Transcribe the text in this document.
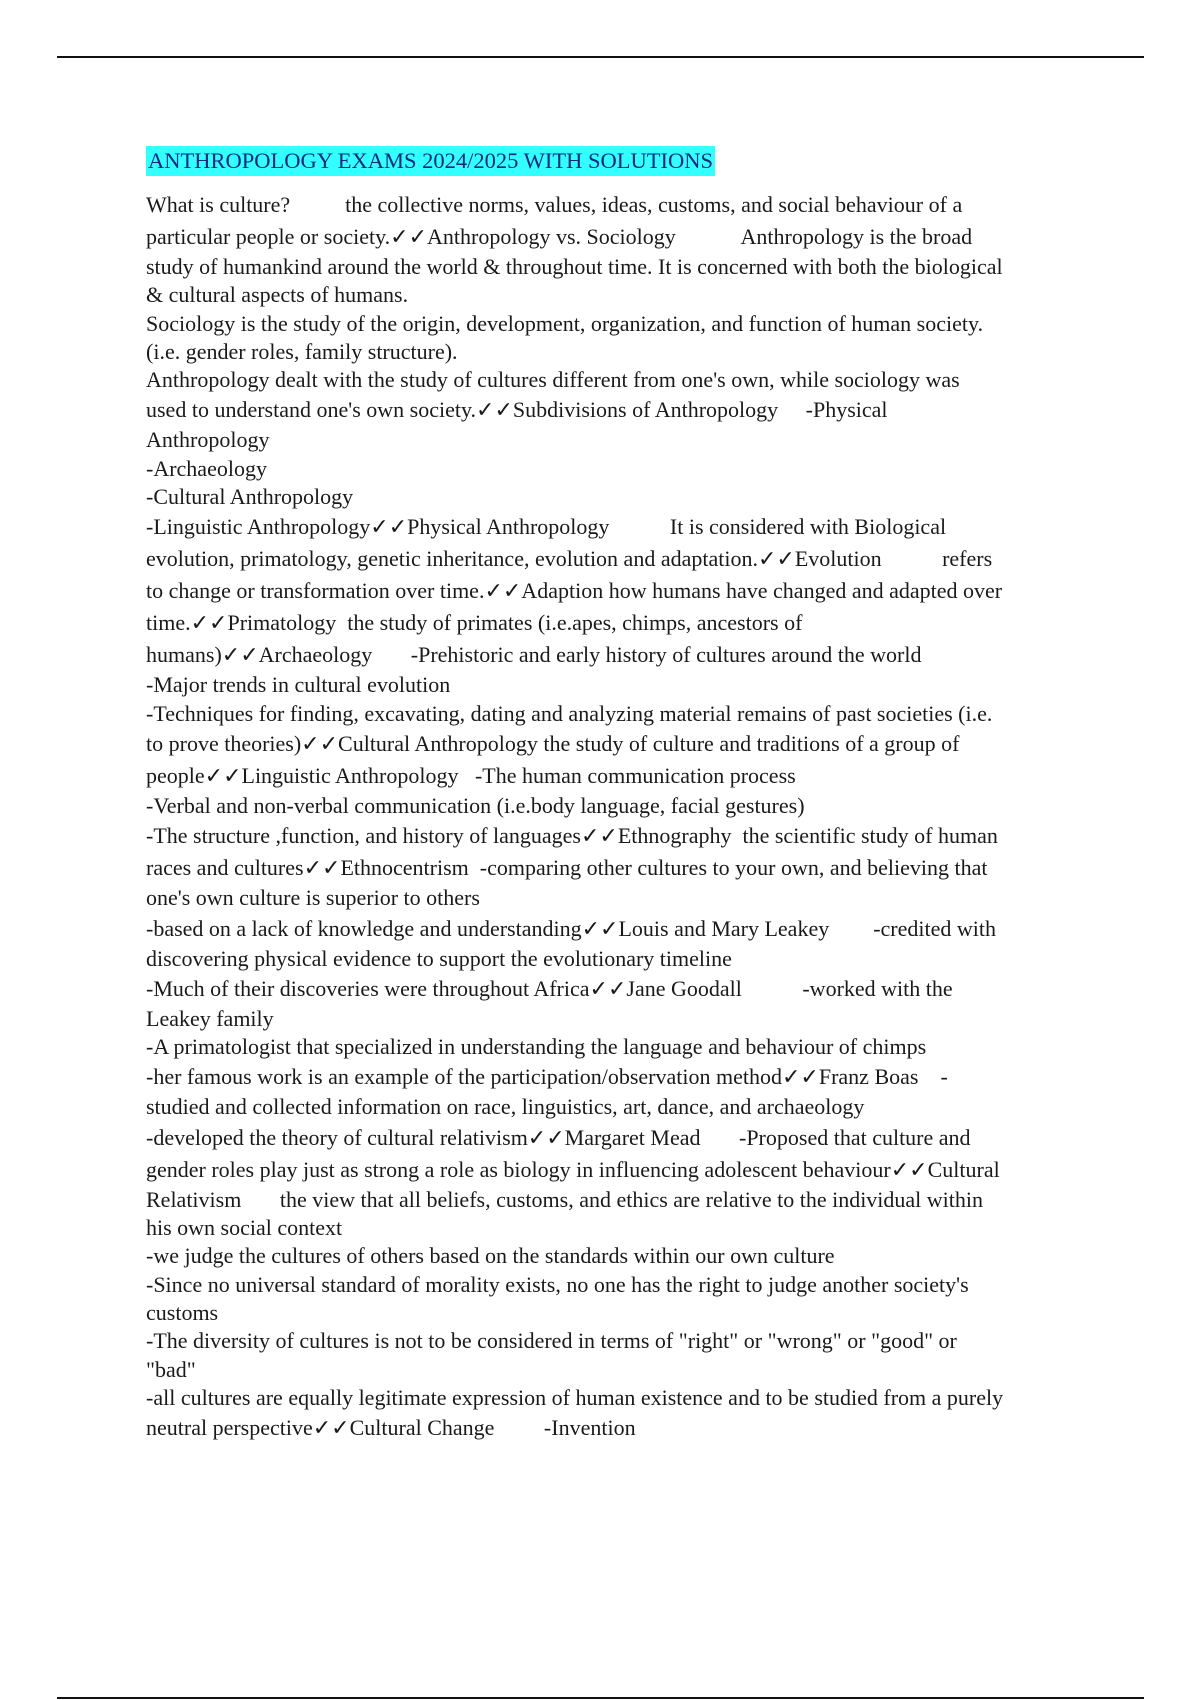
ANTHROPOLOGY EXAMS 2024/2025 WITH SOLUTIONS
What is culture?          the collective norms, values, ideas, customs, and social behaviour of a
particular people or society.✓✓Anthropology vs. Sociology            Anthropology is the broad
study of humankind around the world & throughout time. It is concerned with both the biological
& cultural aspects of humans.
Sociology is the study of the origin, development, organization, and function of human society.
(i.e. gender roles, family structure).
Anthropology dealt with the study of cultures different from one's own, while sociology was
used to understand one's own society.✓✓Subdivisions of Anthropology     -Physical
Anthropology
-Archaeology
-Cultural Anthropology
-Linguistic Anthropology✓✓Physical Anthropology           It is considered with Biological
evolution, primatology, genetic inheritance, evolution and adaptation.✓✓Evolution           refers
to change or transformation over time.✓✓Adaption how humans have changed and adapted over
time.✓✓Primatology  the study of primates (i.e.apes, chimps, ancestors of
humans)✓✓Archaeology       -Prehistoric and early history of cultures around the world
-Major trends in cultural evolution
-Techniques for finding, excavating, dating and analyzing material remains of past societies (i.e.
to prove theories)✓✓Cultural Anthropology the study of culture and traditions of a group of
people✓✓Linguistic Anthropology   -The human communication process
-Verbal and non-verbal communication (i.e.body language, facial gestures)
-The structure ,function, and history of languages✓✓Ethnography  the scientific study of human
races and cultures✓✓Ethnocentrism  -comparing other cultures to your own, and believing that
one's own culture is superior to others
-based on a lack of knowledge and understanding✓✓Louis and Mary Leakey        -credited with
discovering physical evidence to support the evolutionary timeline
-Much of their discoveries were throughout Africa✓✓Jane Goodall           -worked with the
Leakey family
-A primatologist that specialized in understanding the language and behaviour of chimps
-her famous work is an example of the participation/observation method✓✓Franz Boas    -
studied and collected information on race, linguistics, art, dance, and archaeology
-developed the theory of cultural relativism✓✓Margaret Mead       -Proposed that culture and
gender roles play just as strong a role as biology in influencing adolescent behaviour✓✓Cultural
Relativism       the view that all beliefs, customs, and ethics are relative to the individual within
his own social context
-we judge the cultures of others based on the standards within our own culture
-Since no universal standard of morality exists, no one has the right to judge another society's
customs
-The diversity of cultures is not to be considered in terms of "right" or "wrong" or "good" or
"bad"
-all cultures are equally legitimate expression of human existence and to be studied from a purely
neutral perspective✓✓Cultural Change         -Invention
